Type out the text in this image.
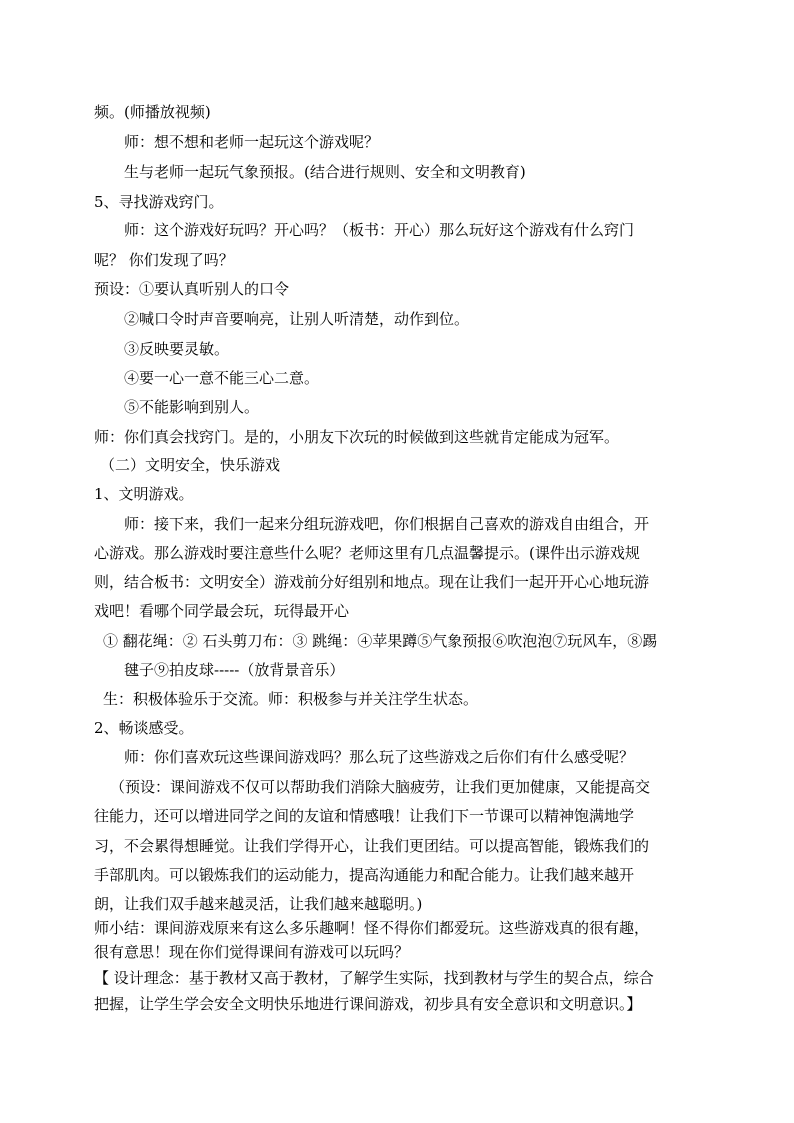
频。(师播放视频)
师：想不想和老师一起玩这个游戏呢？
生与老师一起玩气象预报。(结合进行规则、安全和文明教育)
5、寻找游戏窍门。
师：这个游戏好玩吗？开心吗？（板书：开心）那么玩好这个游戏有什么窍门
呢？ 你们发现了吗？
预设：①要认真听别人的口令
②喊口令时声音要响亮，让别人听清楚，动作到位。
③反映要灵敏。
④要一心一意不能三心二意。
⑤不能影响到别人。
师：你们真会找窍门。是的，小朋友下次玩的时候做到这些就肯定能成为冠军。
（二）文明安全，快乐游戏
1、文明游戏。
师：接下来，我们一起来分组玩游戏吧，你们根据自己喜欢的游戏自由组合，开
心游戏。那么游戏时要注意些什么呢？老师这里有几点温馨提示。(课件出示游戏规
则，结合板书：文明安全）游戏前分好组别和地点。现在让我们一起开开心心地玩游
戏吧！看哪个同学最会玩，玩得最开心
① 翻花绳：② 石头剪刀布：③ 跳绳：④苹果蹲⑤气象预报⑥吹泡泡⑦玩风车，⑧踢
毽子⑨拍皮球-----（放背景音乐）
生：积极体验乐于交流。师：积极参与并关注学生状态。
2、畅谈感受。
师：你们喜欢玩这些课间游戏吗？那么玩了这些游戏之后你们有什么感受呢？
（预设：课间游戏不仅可以帮助我们消除大脑疲劳，让我们更加健康，又能提高交
往能力，还可以增进同学之间的友谊和情感哦！让我们下一节课可以精神饱满地学
习，不会累得想睡觉。让我们学得开心，让我们更团结。可以提高智能，锻炼我们的
手部肌肉。可以锻炼我们的运动能力，提高沟通能力和配合能力。让我们越来越开
朗，让我们双手越来越灵活，让我们越来越聪明。)
师小结：课间游戏原来有这么多乐趣啊！怪不得你们都爱玩。这些游戏真的很有趣，
很有意思！现在你们觉得课间有游戏可以玩吗？
【 设计理念：基于教材又高于教材，了解学生实际，找到教材与学生的契合点，综合
把握，让学生学会安全文明快乐地进行课间游戏，初步具有安全意识和文明意识。】
